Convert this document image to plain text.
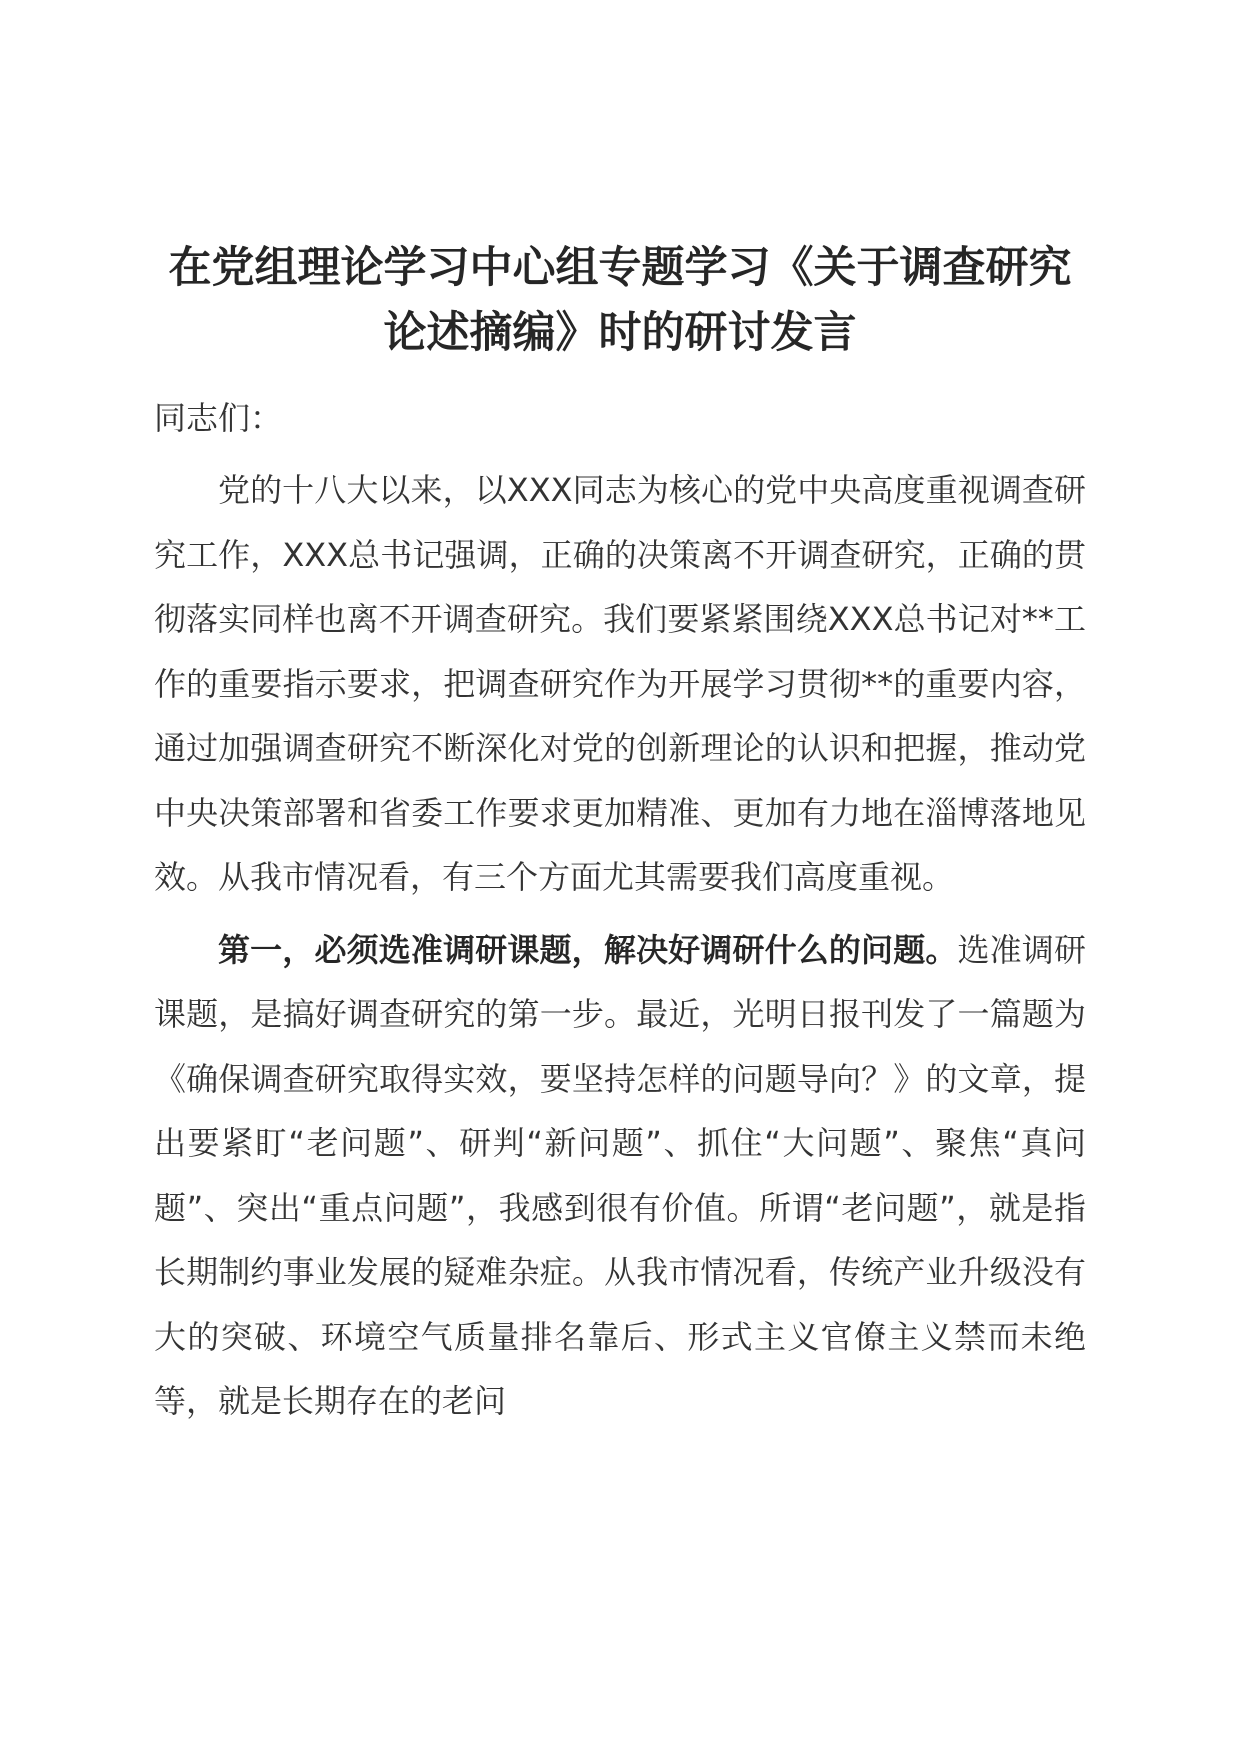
在党组理论学习中心组专题学习《关于调查研究论述摘编》时的研讨发言

同志们：

党的十八大以来，以XXX同志为核心的党中央高度重视调查研究工作，XXX总书记强调，正确的决策离不开调查研究，正确的贯彻落实同样也离不开调查研究。我们要紧紧围绕XXX总书记对**工作的重要指示要求，把调查研究作为开展学习贯彻**的重要内容，通过加强调查研究不断深化对党的创新理论的认识和把握，推动党中央决策部署和省委工作要求更加精准、更加有力地在淄博落地见效。从我市情况看，有三个方面尤其需要我们高度重视。

第一，必须选准调研课题，解决好调研什么的问题。选准调研课题，是搞好调查研究的第一步。最近，光明日报刊发了一篇题为《确保调查研究取得实效，要坚持怎样的问题导向？》的文章，提出要紧盯“老问题”、研判“新问题”、抓住“大问题”、聚焦“真问题”、突出“重点问题”，我感到很有价值。所谓“老问题”，就是指长期制约事业发展的疑难杂症。从我市情况看，传统产业升级没有大的突破、环境空气质量排名靠后、形式主义官僚主义禁而未绝等，就是长期存在的老问
